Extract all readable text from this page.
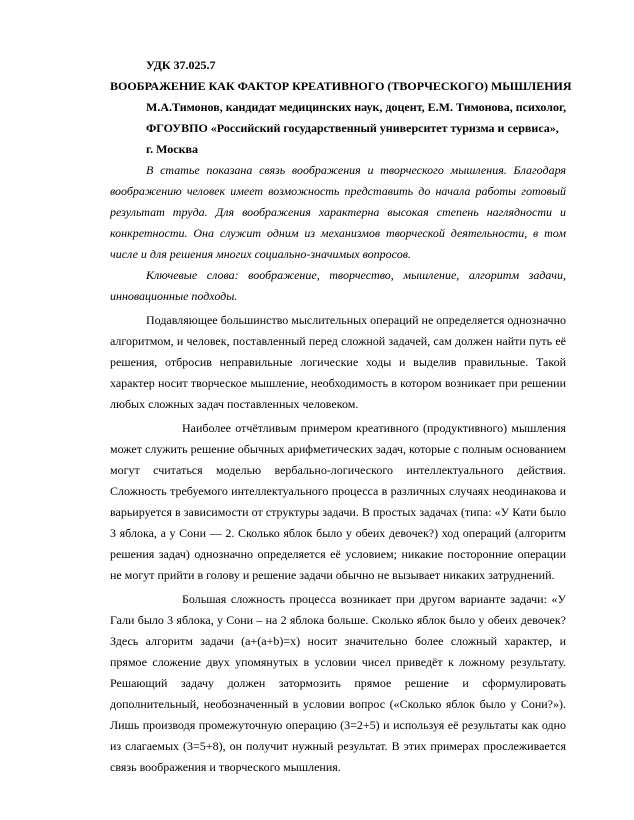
УДК 37.025.7
ВООБРАЖЕНИЕ КАК ФАКТОР КРЕАТИВНОГО (ТВОРЧЕСКОГО) МЫШЛЕНИЯ
М.А.Тимонов, кандидат медицинских наук, доцент, Е.М. Тимонова, психолог,
ФГОУВПО «Российский государственный университет туризма и сервиса»,
г. Москва

В статье показана связь воображения и творческого мышления. Благодаря воображению человек имеет возможность представить до начала работы готовый результат труда. Для воображения характерна высокая степень наглядности и конкретности. Она служит одним из механизмов творческой деятельности, в том числе и для решения многих социально-значимых вопросов.

Ключевые слова: воображение, творчество, мышление, алгоритм задачи, инновационные подходы.

Подавляющее большинство мыслительных операций не определяется однозначно алгоритмом, и человек, поставленный перед сложной задачей, сам должен найти путь её решения, отбросив неправильные логические ходы и выделив правильные. Такой характер носит творческое мышление, необходимость в котором возникает при решении любых сложных задач поставленных человеком.

Наиболее отчётливым примером креативного (продуктивного) мышления может служить решение обычных арифметических задач, которые с полным основанием могут считаться моделью вербально-логического интеллектуального действия. Сложность требуемого интеллектуального процесса в различных случаях неодинакова и варьируется в зависимости от структуры задачи. В простых задачах (типа: «У Кати было 3 яблока, а у Сони — 2. Сколько яблок было у обеих девочек?) ход операций (алгоритм решения задач) однозначно определяется её условием; никакие посторонние операции не могут прийти в голову и решение задачи обычно не вызывает никаких затруднений.

Большая сложность процесса возникает при другом варианте задачи: «У Гали было 3 яблока, у Сони – на 2 яблока больше. Сколько яблок было у обеих девочек? Здесь алгоритм задачи (а+(а+b)=x) носит значительно более сложный характер, и прямое сложение двух упомянутых в условии чисел приведёт к ложному результату. Решающий задачу должен затормозить прямое решение и сформулировать дополнительный, необозначенный в условии вопрос («Сколько яблок было у Сони?»). Лишь производя промежуточную операцию (3=2+5) и используя её результаты как одно из слагаемых (3=5+8), он получит нужный результат. В этих примерах прослеживается связь воображения и творческого мышления.
